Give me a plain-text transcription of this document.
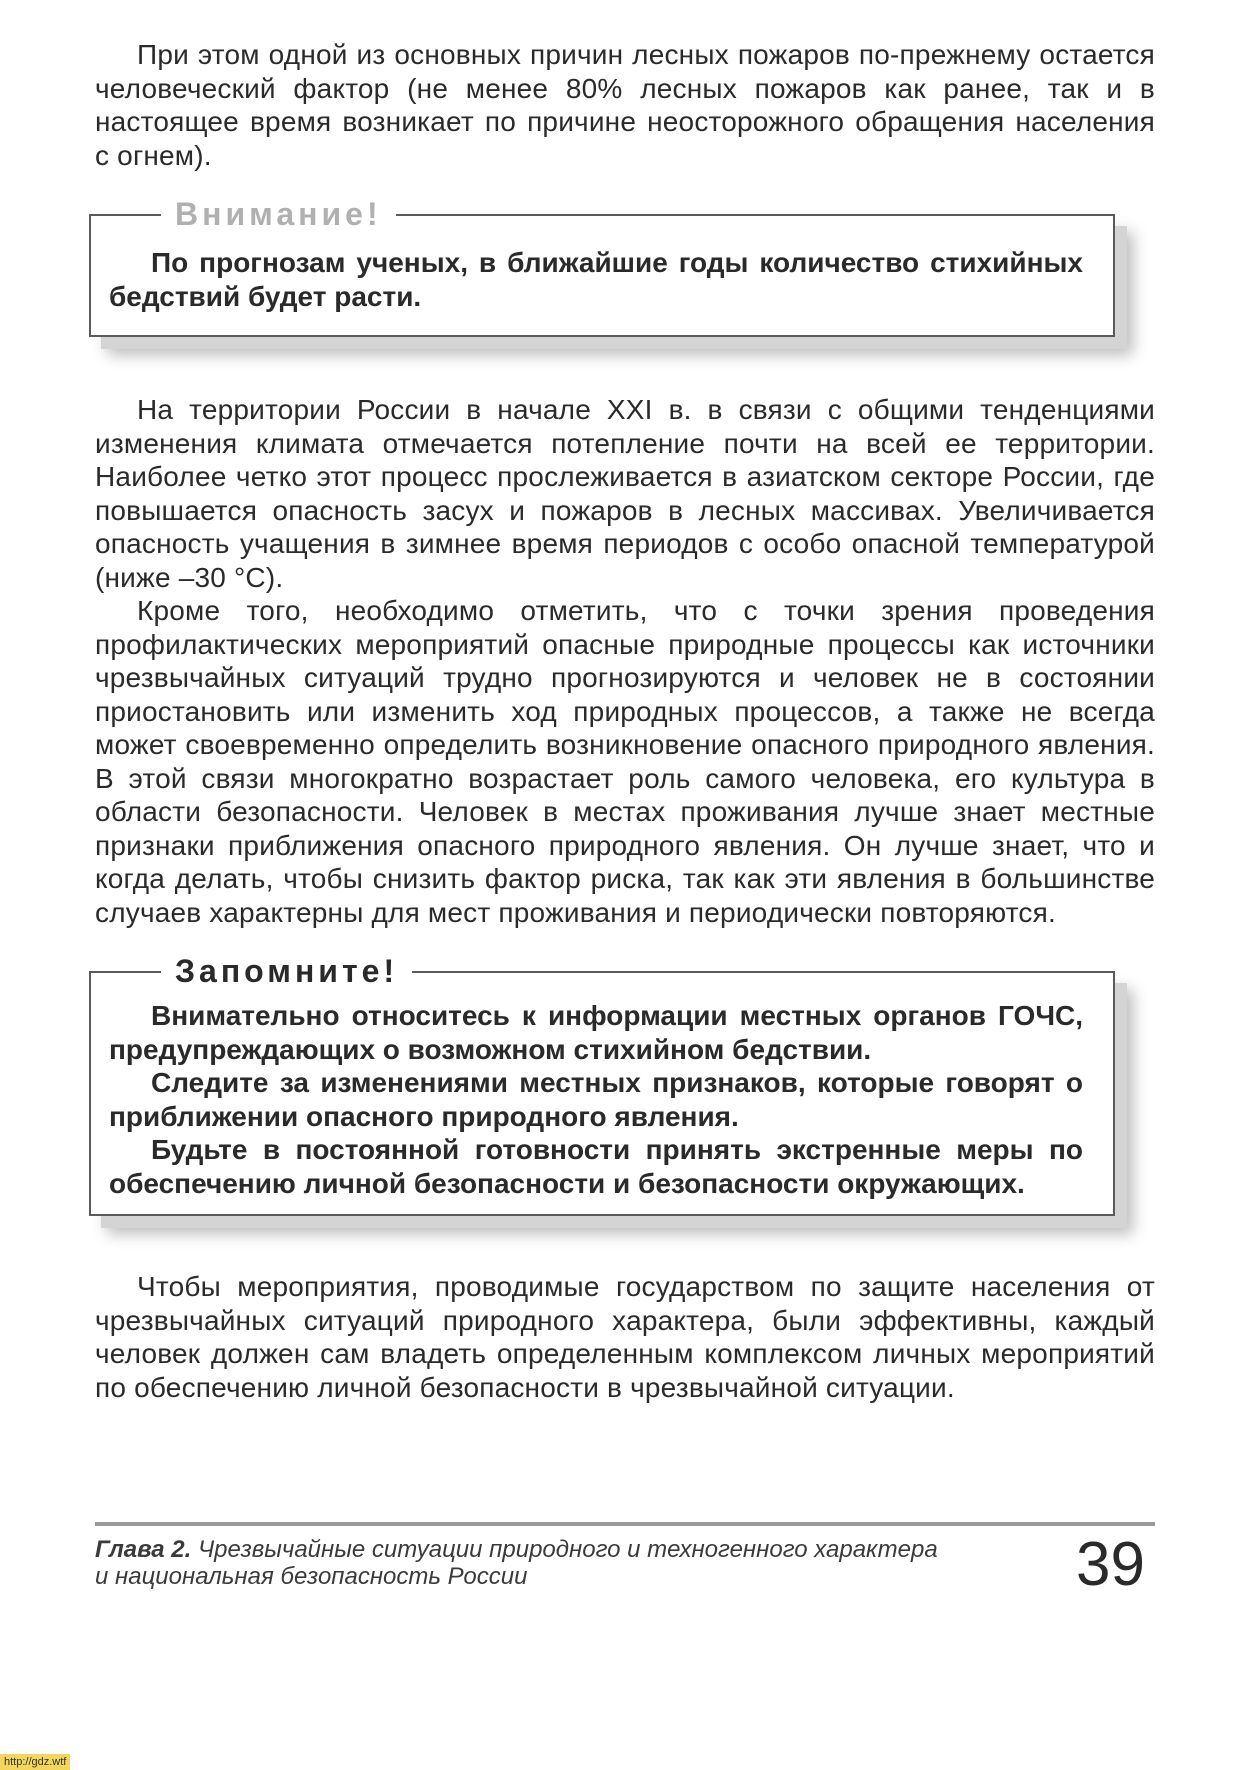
При этом одной из основных причин лесных пожаров по-прежнему остается человеческий фактор (не менее 80% лесных пожаров как ранее, так и в настоящее время возникает по причине неосторожного обращения населения с огнем).

Внимание!

По прогнозам ученых, в ближайшие годы количество стихийных бедствий будет расти.

На территории России в начале XXI в. в связи с общими тенденциями изменения климата отмечается потепление почти на всей ее территории. Наиболее четко этот процесс прослеживается в азиатском секторе России, где повышается опасность засух и пожаров в лесных массивах. Увеличивается опасность учащения в зимнее время периодов с особо опасной температурой (ниже –30 °С).

Кроме того, необходимо отметить, что с точки зрения проведения профилактических мероприятий опасные природные процессы как источники чрезвычайных ситуаций трудно прогнозируются и человек не в состоянии приостановить или изменить ход природных процессов, а также не всегда может своевременно определить возникновение опасного природного явления. В этой связи многократно возрастает роль самого человека, его культура в области безопасности. Человек в местах проживания лучше знает местные признаки приближения опасного природного явления. Он лучше знает, что и когда делать, чтобы снизить фактор риска, так как эти явления в большинстве случаев характерны для мест проживания и периодически повторяются.

Запомните!

Внимательно относитесь к информации местных органов ГОЧС, предупреждающих о возможном стихийном бедствии.

Следите за изменениями местных признаков, которые говорят о приближении опасного природного явления.

Будьте в постоянной готовности принять экстренные меры по обеспечению личной безопасности и безопасности окружающих.

Чтобы мероприятия, проводимые государством по защите населения от чрезвычайных ситуаций природного характера, были эффективны, каждый человек должен сам владеть определенным комплексом личных мероприятий по обеспечению личной безопасности в чрезвычайной ситуации.

Глава 2. Чрезвычайные ситуации природного и техногенного характера и национальная безопасность России	39
http://gdz.wtf
